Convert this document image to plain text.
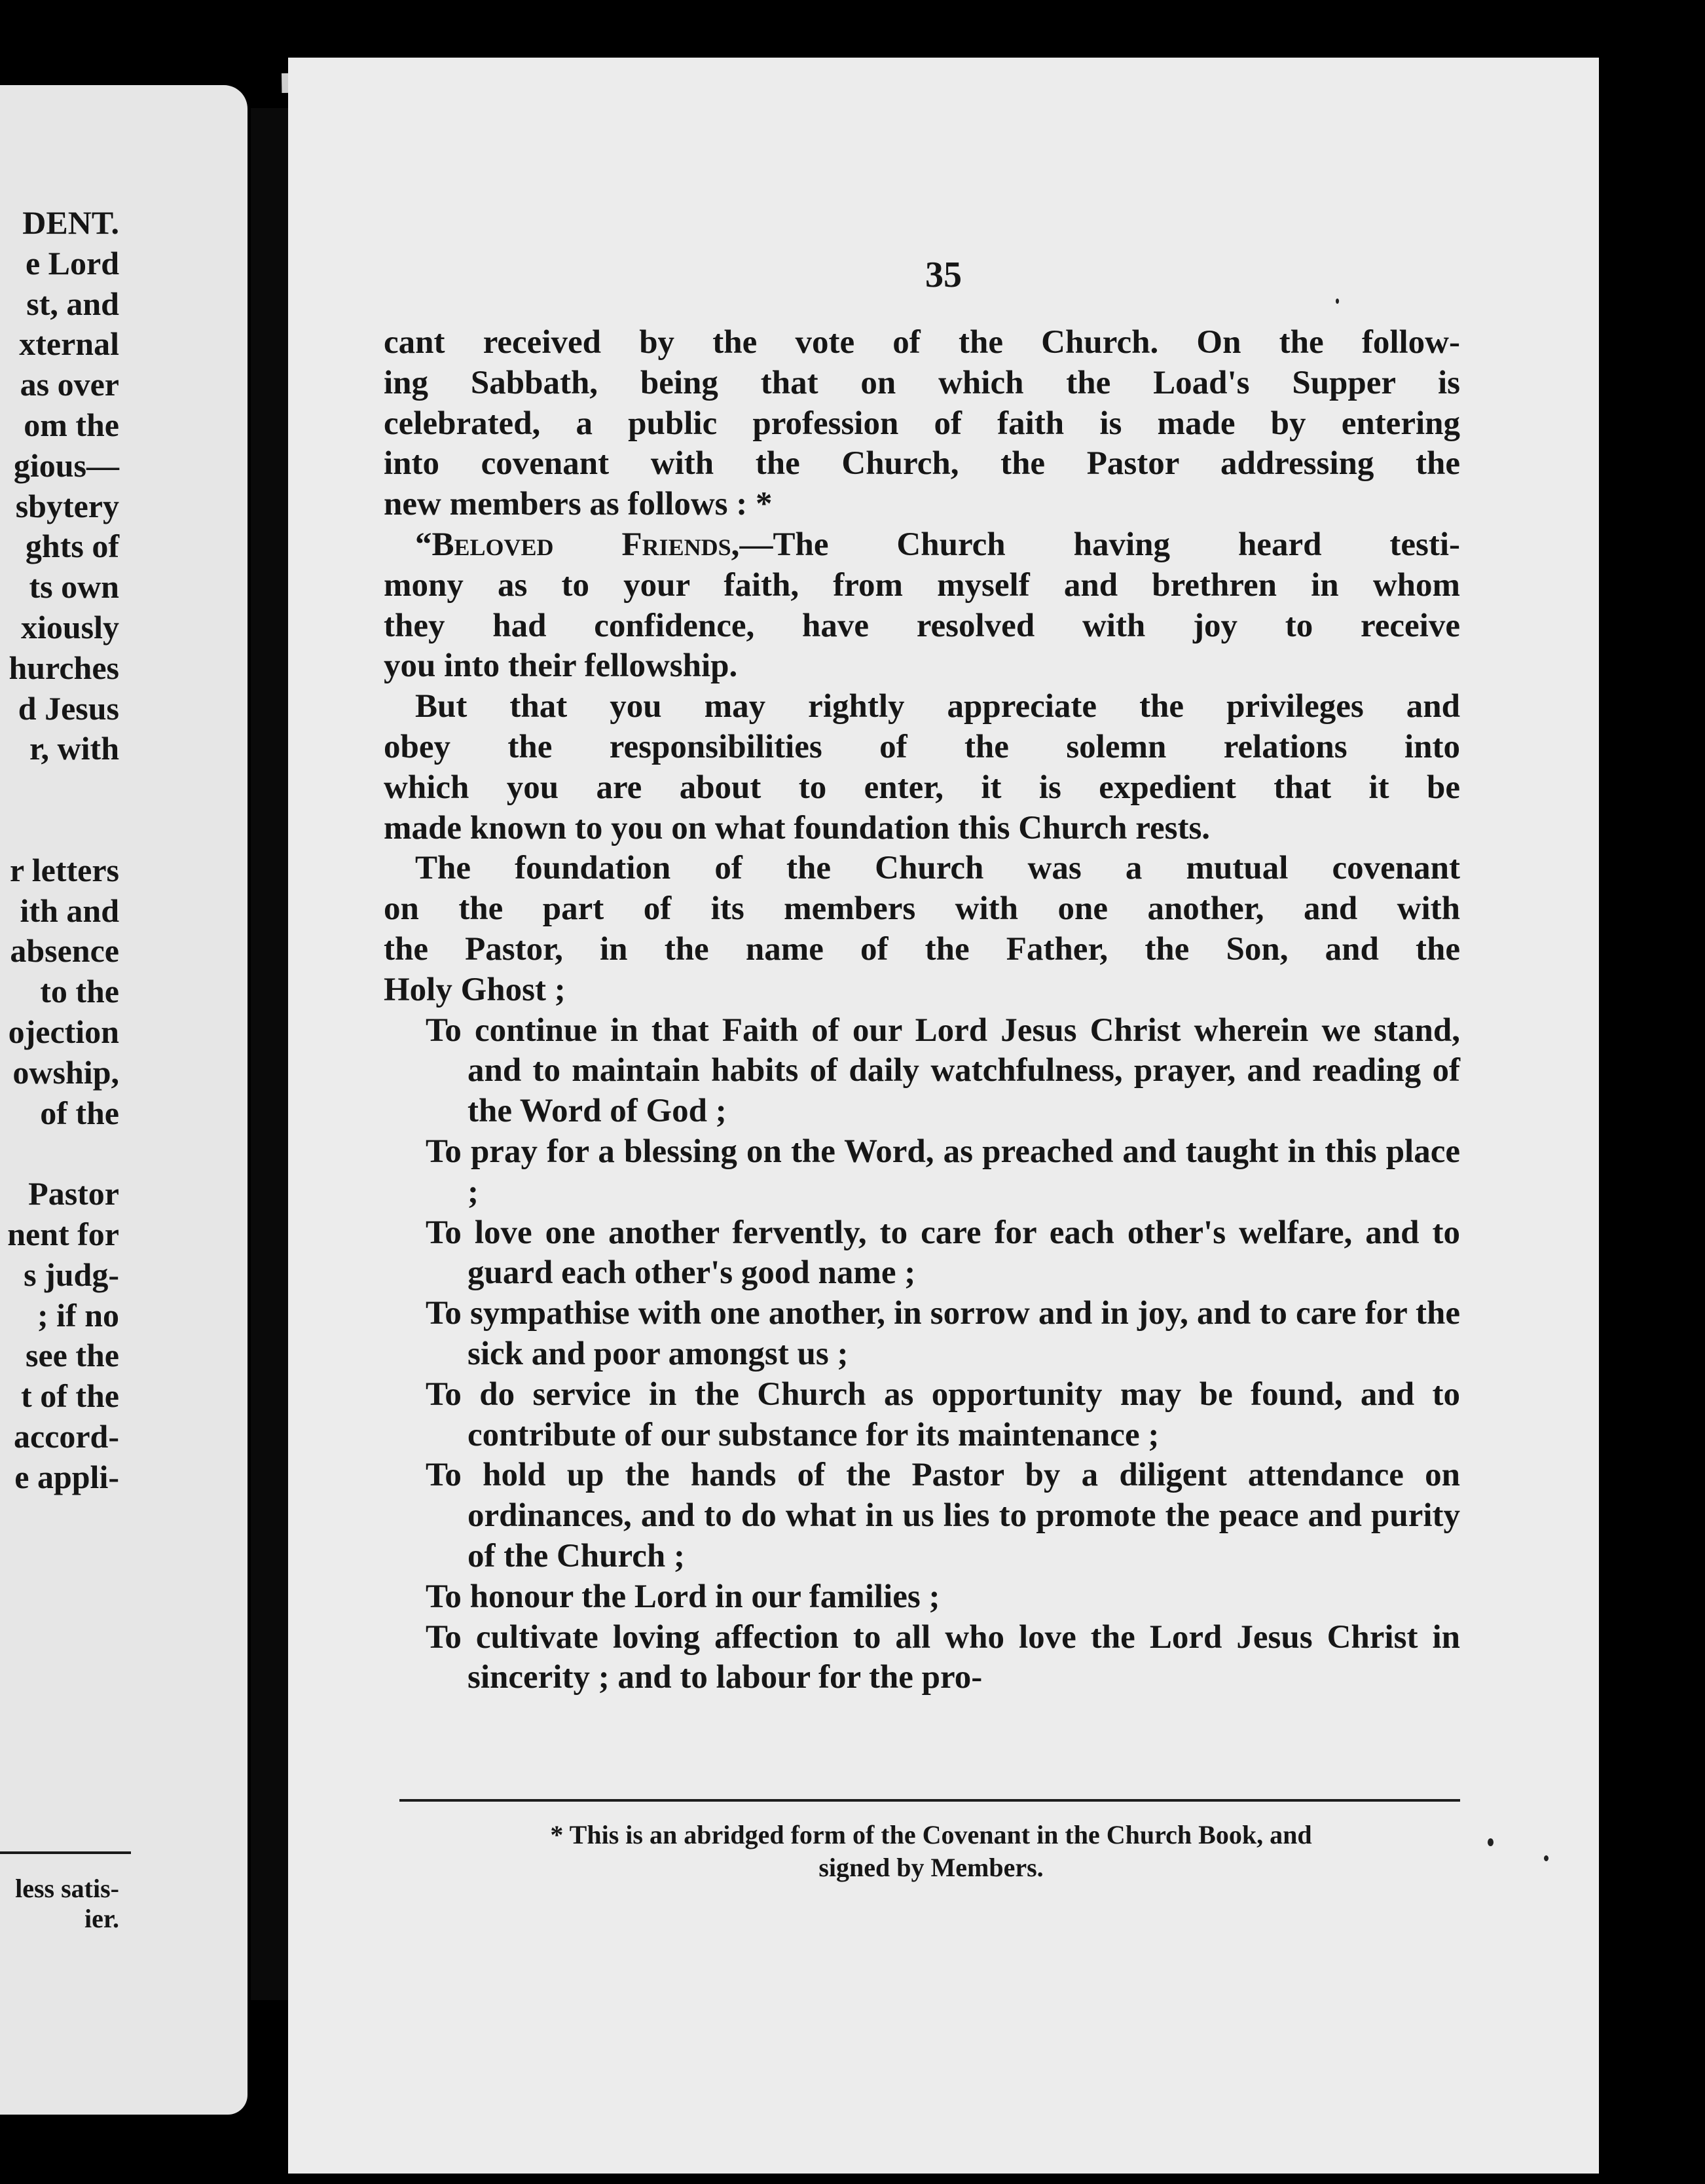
DENT.
e Lord
st, and
xternal
as over
om the
gious—
sbytery
ghts of
ts own
xiously
hurches
d Jesus
r, with
r letters
ith and
absence
to the
ojection
owship,
of the
Pastor
nent for
s judg-
; if no
see the
t of the
accord-
e appli-
less satis-
ier.
35

cant received by the vote of the Church. On the follow-

ing Sabbath, being that on which the Load's Supper is

celebrated, a public profession of faith is made by entering

into covenant with the Church, the Pastor addressing the

new members as follows : *

“Beloved Friends,—The Church having heard testi-

mony as to your faith, from myself and brethren in whom

they had confidence, have resolved with joy to receive

you into their fellowship.

But that you may rightly appreciate the privileges and

obey the responsibilities of the solemn relations into

which you are about to enter, it is expedient that it be

made known to you on what foundation this Church rests.

The foundation of the Church was a mutual covenant

on the part of its members with one another, and with

the Pastor, in the name of the Father, the Son, and the

Holy Ghost ;

To continue in that Faith of our Lord Jesus Christ wherein we stand, and to maintain habits of daily watchfulness, prayer, and reading of the Word of God ;

To pray for a blessing on the Word, as preached and taught in this place ;

To love one another fervently, to care for each other's welfare, and to guard each other's good name ;

To sympathise with one another, in sorrow and in joy, and to care for the sick and poor amongst us ;

To do service in the Church as opportunity may be found, and to contribute of our substance for its maintenance ;

To hold up the hands of the Pastor by a diligent attendance on ordinances, and to do what in us lies to promote the peace and purity of the Church ;

To honour the Lord in our families ;

To cultivate loving affection to all who love the Lord Jesus Christ in sincerity ; and to labour for the pro-

* This is an abridged form of the Covenant in the Church Book, and
signed by Members.
